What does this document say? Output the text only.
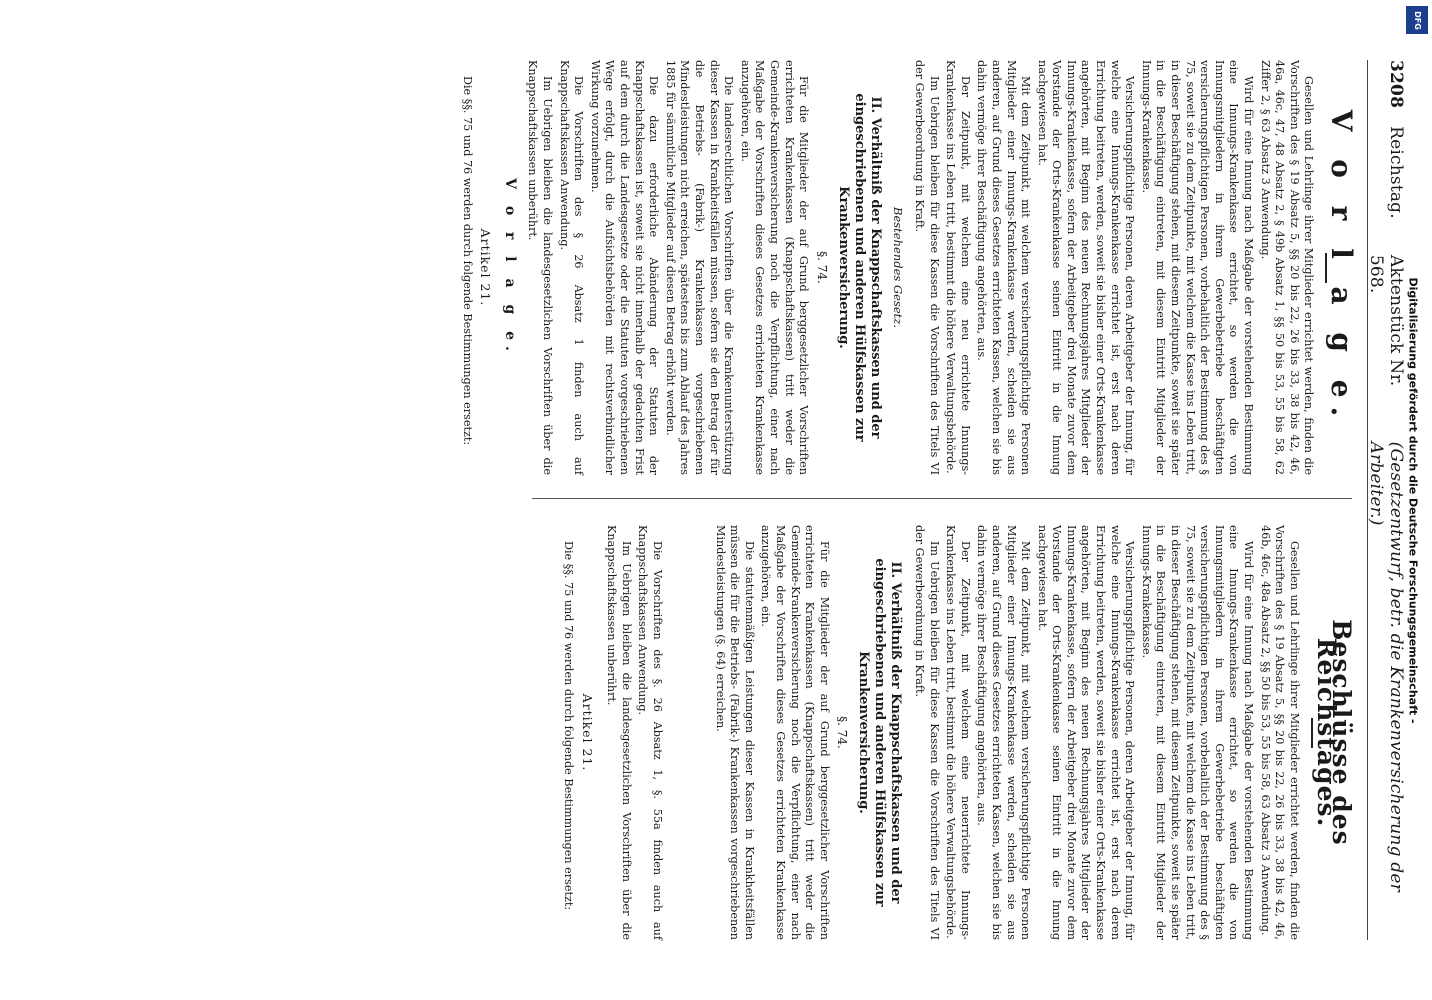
3208
Reichstag.
Aktenstück Nr. 568.
(Gesetzentwurf, betr. die Krankenversicherung der Arbeiter.)
V o r l a g e.

Gesellen und Lehrlinge ihrer Mitglieder errichtet werden, finden die Vorschriften des § 19 Absatz 5, §§ 20 bis 22, 26 bis 33, 38 bis 42, 46, 46a, 46c, 47, 48 Absatz 2, § 49b Absatz 1, §§ 50 bis 53, 55 bis 58, 62 Ziffer 2, § 63 Absatz 3 Anwendung.

Wird für eine Innung nach Maßgabe der vorstehenden Bestimmung eine Innungs-Krankenkasse errichtet, so werden die von Innungsmitgliedern in ihrem Gewerbebetriebe beschäftigten versicherungspflichtigen Personen, vorbehaltlich der Bestimmung des § 75, soweit sie zu dem Zeitpunkte, mit welchem die Kasse ins Leben tritt, in dieser Beschäftigung stehen, mit diesem Zeitpunkte, soweit sie später in die Beschäftigung eintreten, mit diesem Eintritt Mitglieder der Innungs-Krankenkasse.

Versicherungspflichtige Personen, deren Arbeitgeber der Innung, für welche eine Innungs-Krankenkasse errichtet ist, erst nach deren Errichtung beitreten, werden, soweit sie bisher einer Orts-Krankenkasse angehörten, mit Beginn des neuen Rechnungsjahres Mitglieder der Innungs-Krankenkasse, sofern der Arbeitgeber drei Monate zuvor dem Vorstande der Orts-Krankenkasse seinen Eintritt in die Innung nachgewiesen hat.

Mit dem Zeitpunkt, mit welchem versicherungspflichtige Personen Mitglieder einer Innungs-Krankenkasse werden, scheiden sie aus anderen, auf Grund dieses Gesetzes errichteten Kassen, welchen sie bis dahin vermöge ihrer Beschäftigung angehörten, aus.

Der Zeitpunkt, mit welchem eine neu errichtete Innungs-Krankenkasse ins Leben tritt, bestimmt die höhere Verwaltungsbehörde.

Im Uebrigen bleiben für diese Kassen die Vorschriften des Titels VI der Gewerbeordnung in Kraft.

Bestehendes Gesetz.
II. Verhältniß der Knappschaftskassen und der eingeschriebenen und anderen Hülfskassen zur Krankenversicherung.
§. 74.

Für die Mitglieder der auf Grund berggesetzlicher Vorschriften errichteten Krankenkassen (Knappschaftskassen) tritt weder die Gemeinde-Krankenversicherung noch die Verpflichtung, einer nach Maßgabe der Vorschriften dieses Gesetzes errichteten Krankenkasse anzugehören, ein.

Die landesrechtlichen Vorschriften über die Krankenunterstützung dieser Kassen in Krankheitsfällen müssen, sofern sie den Betrag der für die Betriebs- (Fabrik-) Krankenkassen vorgeschriebenen Mindestleistungen nicht erreichen, spätestens bis zum Ablauf des Jahres 1885 für sämmtliche Mitglieder auf diesen Betrag erhöht werden.

Die dazu erforderliche Abänderung der Statuten der Knappschaftskassen ist, soweit sie nicht innerhalb der gedachten Frist auf dem durch die Landesgesetze oder die Statuten vorgeschriebenen Wege erfolgt, durch die Aufsichtsbehörden mit rechtsverbindlicher Wirkung vorzunehmen.

Die Vorschriften des § 26 Absatz 1 finden auch auf Knappschaftskassen Anwendung.

Im Uebrigen bleiben die landesgesetzlichen Vorschriften über die Knappschaftskassen unberührt.

V o r l a g e.
Artikel 21.

Die §§. 75 und 76 werden durch folgende Bestimmungen ersetzt:

Beschlüsse des Reichstages.

Gesellen und Lehrlinge ihrer Mitglieder errichtet werden, finden die Vorschriften des § 19 Absatz 5, §§ 20 bis 22, 26 bis 33, 38 bis 42, 46, 46b, 46c, 48a Absatz 2, §§ 50 bis 53, 55 bis 58, 63 Absatz 3 Anwendung.

Wird für eine Innung nach Maßgabe der vorstehenden Bestimmung eine Innungs-Krankenkasse errichtet, so werden die von Innungsmitgliedern in ihrem Gewerbebetriebe beschäftigten versicherungspflichtigen Personen, vorbehaltlich der Bestimmung des § 75, soweit sie zu dem Zeitpunkte, mit welchem die Kasse ins Leben tritt, in dieser Beschäftigung stehen, mit diesem Zeitpunkte, soweit sie später in die Beschäftigung eintreten, mit diesem Eintritt Mitglieder der Innungs-Krankenkasse.

Versicherungspflichtige Personen, deren Arbeitgeber der Innung, für welche eine Innungs-Krankenkasse errichtet ist, erst nach deren Errichtung beitreten, werden, soweit sie bisher einer Orts-Krankenkasse angehörten, mit Beginn des neuen Rechnungsjahres Mitglieder der Innungs-Krankenkasse, sofern der Arbeitgeber drei Monate zuvor dem Vorstande der Orts-Krankenkasse seinen Eintritt in die Innung nachgewiesen hat.

Mit dem Zeitpunkt, mit welchem versicherungspflichtige Personen Mitglieder einer Innungs-Krankenkasse werden, scheiden sie aus anderen, auf Grund dieses Gesetzes errichteten Kassen, welchen sie bis dahin vermöge ihrer Beschäftigung angehörten, aus.

Der Zeitpunkt, mit welchem eine neuerrichtete Innungs-Krankenkasse ins Leben tritt, bestimmt die höhere Verwaltungsbehörde.

Im Uebrigen bleiben für diese Kassen die Vorschriften des Titels VI der Gewerbeordnung in Kraft.

II. Verhältniß der Knappschaftskassen und der eingeschriebenen und anderen Hülfskassen zur Krankenversicherung.
§. 74.

Für die Mitglieder der auf Grund berggesetzlicher Vorschriften errichteten Krankenkassen (Knappschaftskassen) tritt weder die Gemeinde-Krankenversicherung noch die Verpflichtung, einer nach Maßgabe der Vorschriften dieses Gesetzes errichteten Krankenkasse anzugehören, ein.

Die statutenmäßigen Leistungen dieser Kassen in Krankheitsfällen müssen die für die Betriebs- (Fabrik-) Krankenkassen vorgeschriebenen Mindestleistungen (§. 64) erreichen.

Die Vorschriften des §. 26 Absatz 1, §. 55a finden auch auf Knappschaftskassen Anwendung.

Im Uebrigen bleiben die landesgesetzlichen Vorschriften über die Knappschaftskassen unberührt.

Artikel 21.

Die §§. 75 und 76 werden durch folgende Bestimmungen ersetzt:

Digitalisierung gefördert durch die Deutsche Forschungsgemeinschaft -
DFG
